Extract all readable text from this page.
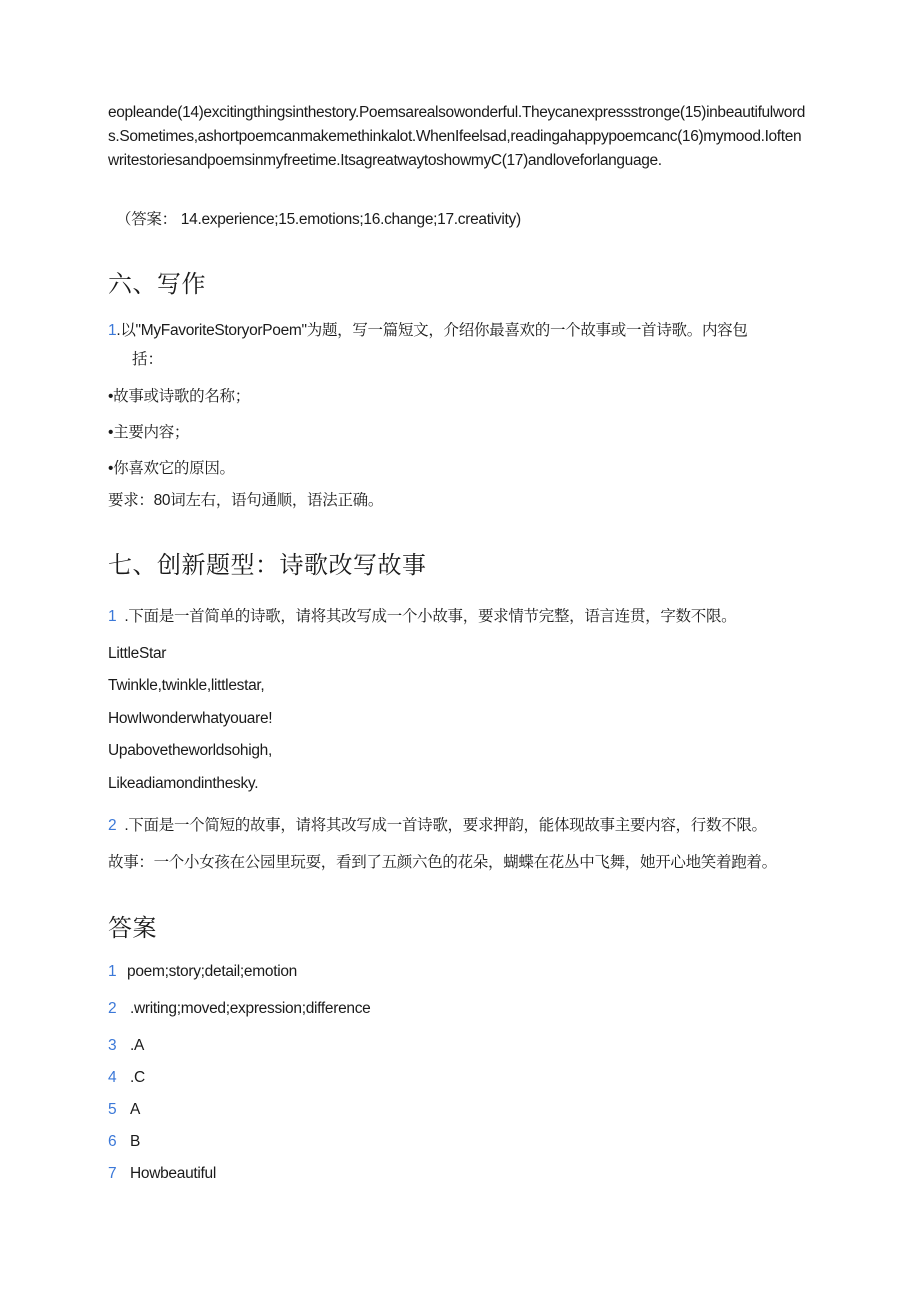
eopleande(14)excitingthingsinthestory.Poemsarealsowonderful.Theycanexpressstronge(15)inbeautifulwords.Sometimes,ashortpoemcanmakemethinkalot.WhenIfeelsad,readingahappypoemcanc(16)mymood.Ioftenwritestoriesandpoemsinmyfreetime.ItsagreatwaytoshowmyC(17)andloveforlanguage.

（答案： 14.experience;15.emotions;16.change;17.creativity)
六、写作
1.以"MyFavoriteStoryorPoem"为题，写一篇短文，介绍你最喜欢的一个故事或一首诗歌。内容包
括：
•故事或诗歌的名称；
•主要内容；
•你喜欢它的原因。
要求：80词左右，语句通顺，语法正确。
七、创新题型：诗歌改写故事
1 .下面是一首简单的诗歌，请将其改写成一个小故事，要求情节完整，语言连贯，字数不限。
LittleStar
Twinkle,twinkle,littlestar,
HowIwonderwhatyouare!
Upabovetheworldsohigh,
Likeadiamondinthesky.
2 .下面是一个简短的故事，请将其改写成一首诗歌，要求押韵，能体现故事主要内容，行数不限。
故事：一个小女孩在公园里玩耍，看到了五颜六色的花朵，蝴蝶在花丛中飞舞，她开心地笑着跑着。
答案
1 poem;story;detail;emotion
2 .writing;moved;expression;difference
3 .A
4 .C
5 A
6 B
7 Howbeautiful
